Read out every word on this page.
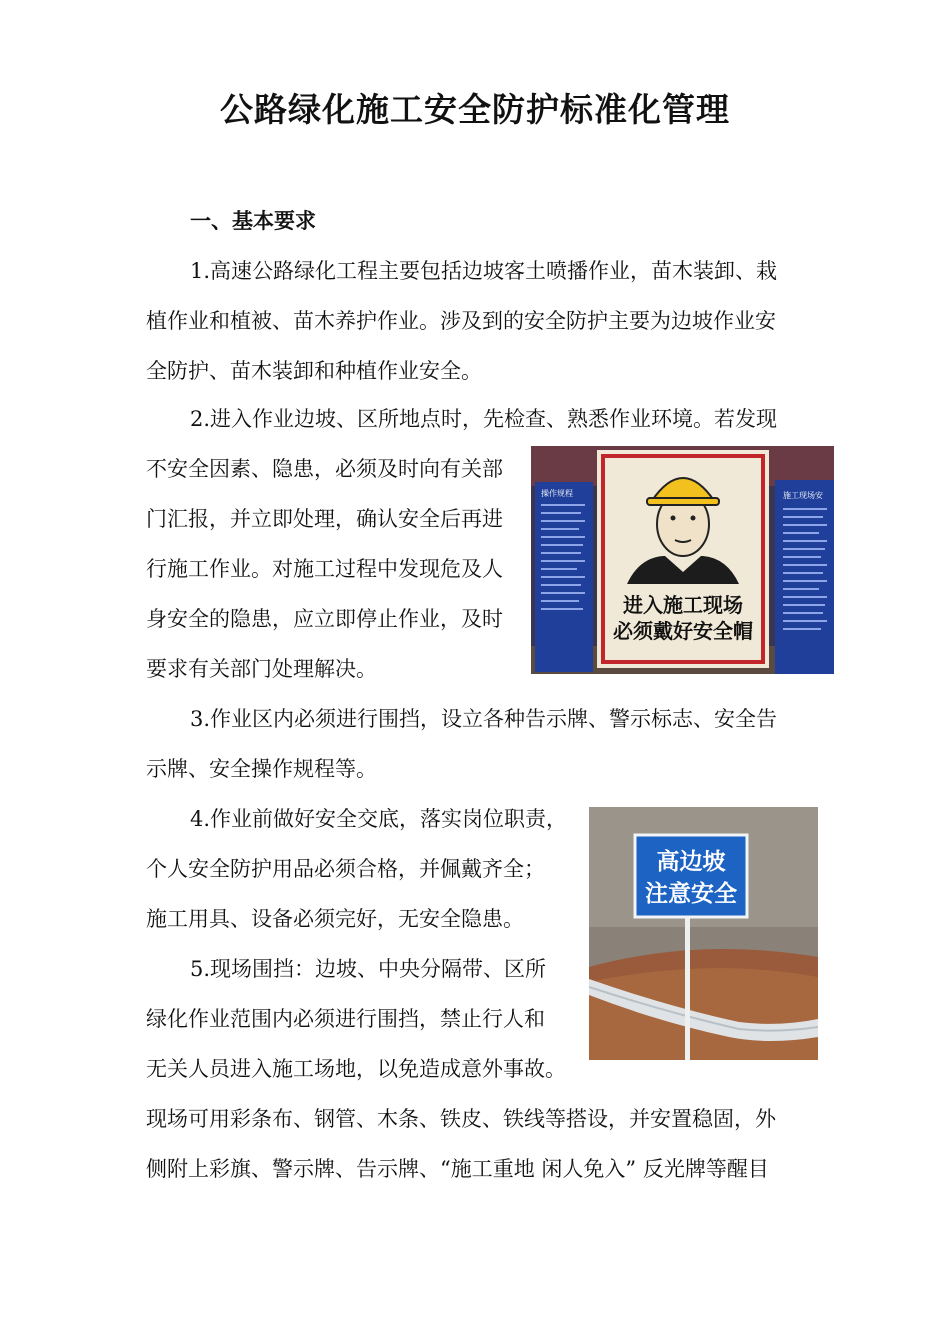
公路绿化施工安全防护标准化管理

一、基本要求

1.高速公路绿化工程主要包括边坡客土喷播作业，苗木装卸、栽

植作业和植被、苗木养护作业。涉及到的安全防护主要为边坡作业安

全防护、苗木装卸和种植作业安全。

2.进入作业边坡、区所地点时，先检查、熟悉作业环境。若发现

不安全因素、隐患，必须及时向有关部

门汇报，并立即处理，确认安全后再进

行施工作业。对施工过程中发现危及人

身安全的隐患，应立即停止作业，及时

要求有关部门处理解决。

操作规程	施工现场安
进入施工现场
必须戴好安全帽

3.作业区内必须进行围挡，设立各种告示牌、警示标志、安全告

示牌、安全操作规程等。

4.作业前做好安全交底，落实岗位职责，

个人安全防护用品必须合格，并佩戴齐全；

施工用具、设备必须完好，无安全隐患。

5.现场围挡：边坡、中央分隔带、区所

绿化作业范围内必须进行围挡，禁止行人和

无关人员进入施工场地，以免造成意外事故。

现场可用彩条布、钢管、木条、铁皮、铁线等搭设，并安置稳固，外

侧附上彩旗、警示牌、告示牌、“施工重地 闲人免入” 反光牌等醒目

高边坡
注意安全
